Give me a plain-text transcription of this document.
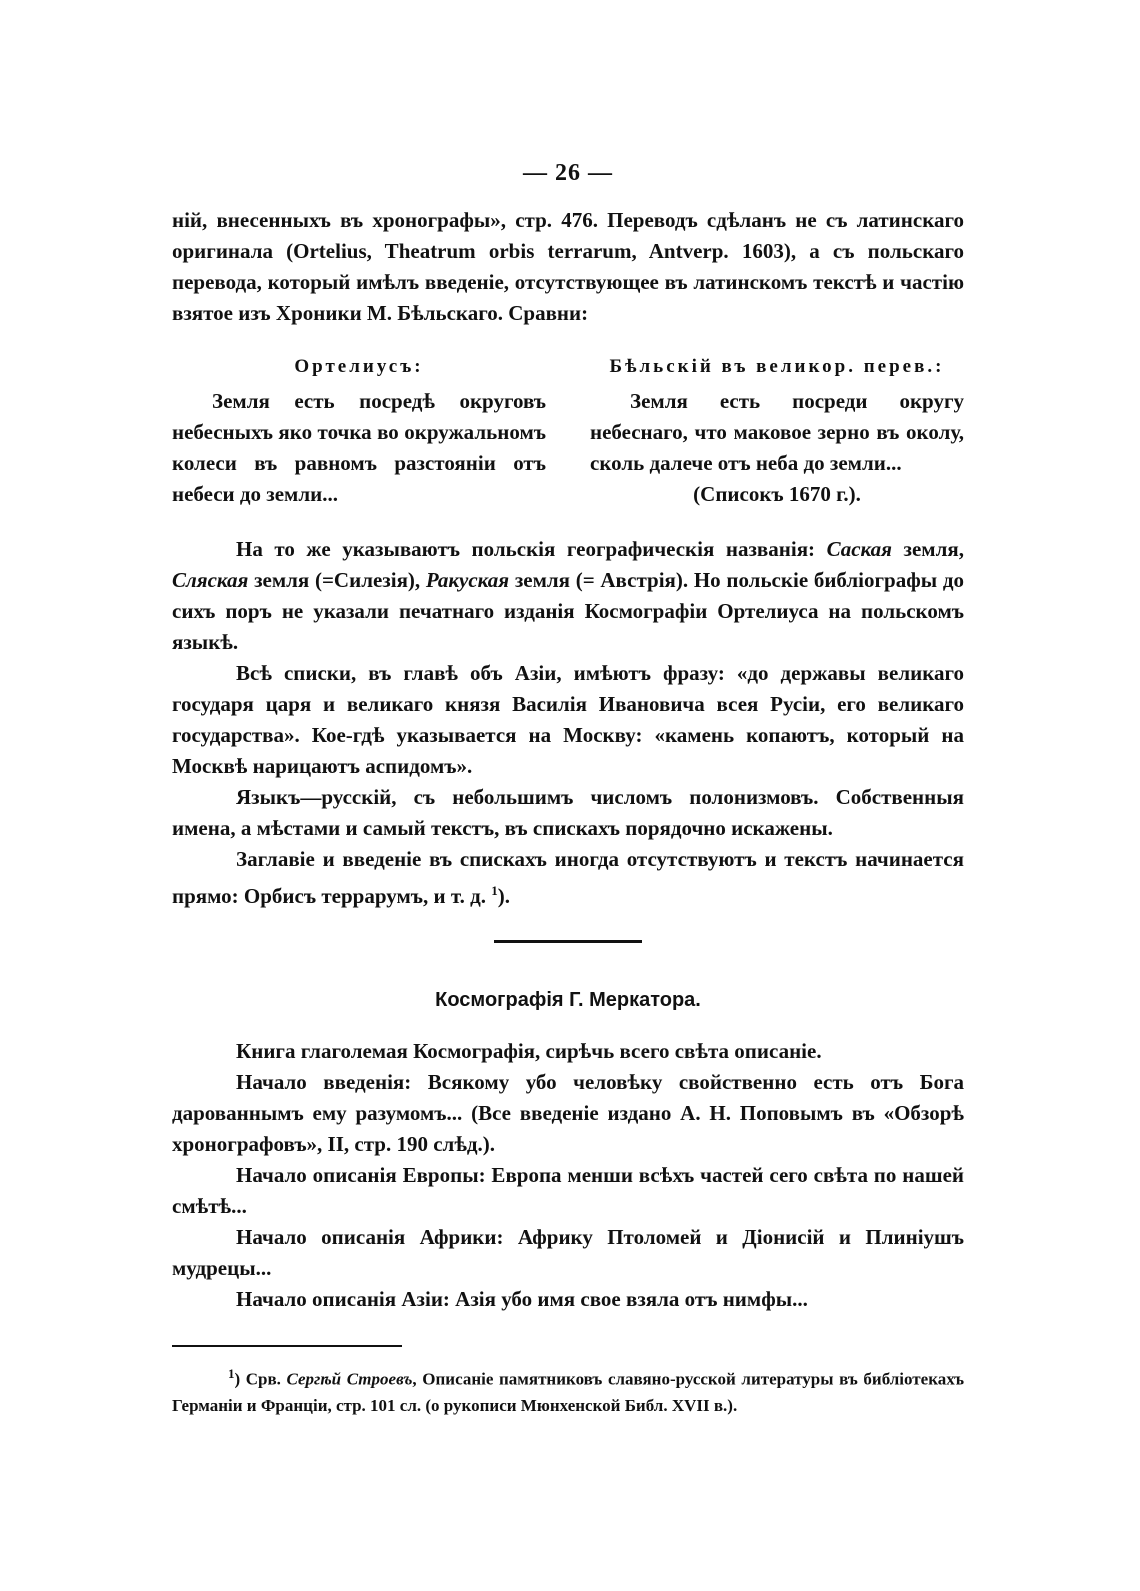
— 26 —

ній, внесенныхъ въ хронографы», стр. 476. Переводъ сдѣланъ не съ латинскаго оригинала (Ortelius, Theatrum orbis terrarum, Antverp. 1603), а съ польскаго перевода, который имѣлъ введеніе, отсутствующее въ латинскомъ текстѣ и частію взятое изъ Хроники М. Бѣльскаго. Сравни:

Ортелиусъ:
Земля есть посредѣ округовъ небесныхъ яко точка во окружальномъ колеси въ равномъ разстояніи отъ небеси до земли...
Бѣльскій въ великор. перев.:
Земля есть посреди округу небеснаго, что маковое зерно въ околу, сколь далече отъ неба до земли...
(Списокъ 1670 г.).

На то же указываютъ польскія географическія названія: Саская земля, Сляская земля (=Силезія), Ракуская земля (= Австрія). Но польскіе библіографы до сихъ поръ не указали печатнаго изданія Космографіи Ортелиуса на польскомъ языкѣ.

Всѣ списки, въ главѣ объ Азіи, имѣютъ фразу: «до державы великаго государя царя и великаго князя Василія Ивановича всея Русіи, его великаго государства». Кое-гдѣ указывается на Москву: «камень копаютъ, который на Москвѣ нарицаютъ аспидомъ».

Языкъ—русскій, съ небольшимъ числомъ полонизмовъ. Собственныя имена, а мѣстами и самый текстъ, въ спискахъ порядочно искажены.

Заглавіе и введеніе въ спискахъ иногда отсутствуютъ и текстъ начинается прямо: Орбисъ террарумъ, и т. д. $^1$).

Космографія Г. Меркатора.

Книга глаголемая Космографія, сирѣчь всего свѣта описаніе.

Начало введенія: Всякому убо человѣку свойственно есть отъ Бога дарованнымъ ему разумомъ... (Все введеніе издано А. Н. Поповымъ въ «Обзорѣ хронографовъ», II, стр. 190 слѣд.).

Начало описанія Европы: Европа менши всѣхъ частей сего свѣта по нашей смѣтѣ...

Начало описанія Африки: Африку Птоломей и Діонисій и Плиніушъ мудрецы...

Начало описанія Азіи: Азія убо имя свое взяла отъ нимфы...

$^1$) Срв. Сергѣй Строевъ, Описаніе памятниковъ славяно-русской литературы въ библіотекахъ Германіи и Франціи, стр. 101 сл. (о рукописи Мюнхенской Библ. XVII в.).
